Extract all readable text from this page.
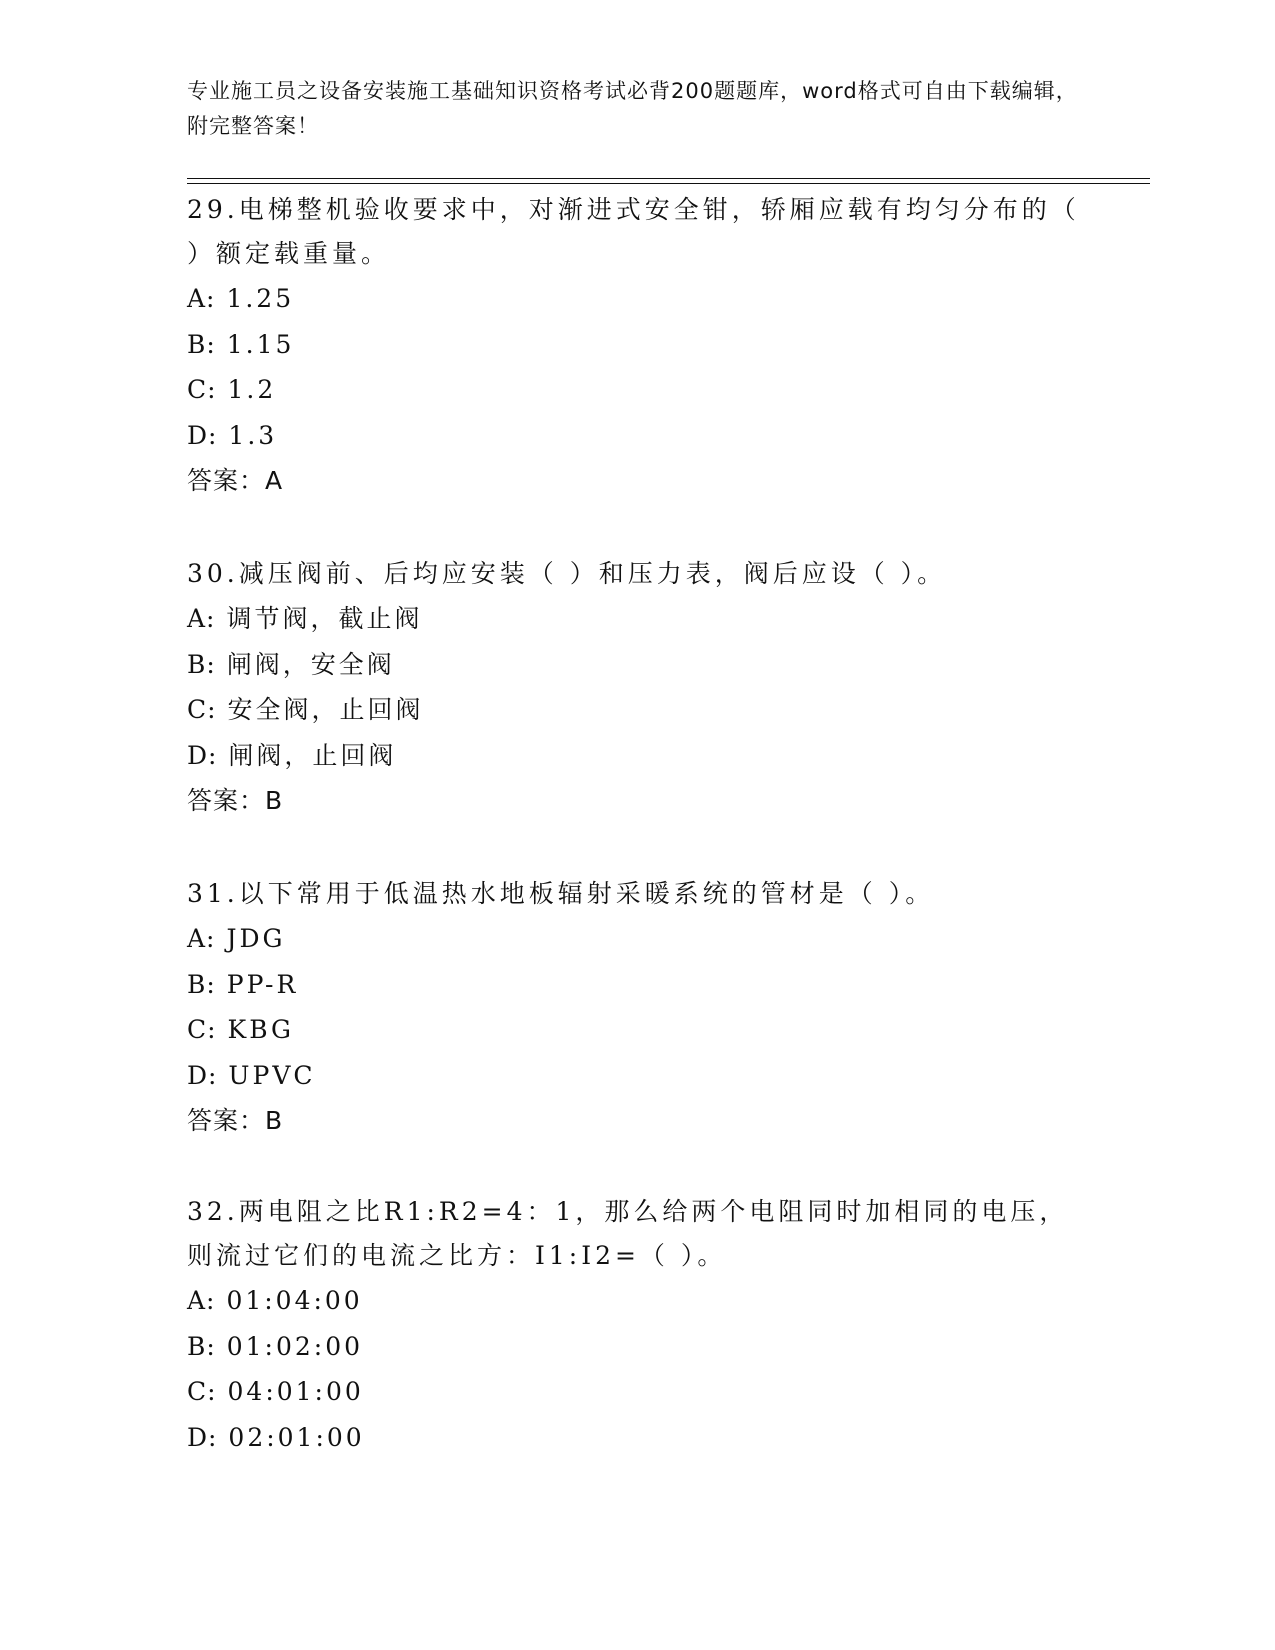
专业施工员之设备安装施工基础知识资格考试必背200题题库，word格式可自由下载编辑，附完整答案！

29.电梯整机验收要求中，对渐进式安全钳，轿厢应载有均匀分布的（ ）额定载重量。

A: 1.25

B: 1.15

C: 1.2

D: 1.3

答案：A

30.减压阀前、后均应安装（ ）和压力表，阀后应设（ ）。

A: 调节阀，截止阀

B: 闸阀，安全阀

C: 安全阀，止回阀

D: 闸阀，止回阀

答案：B

31.以下常用于低温热水地板辐射采暖系统的管材是（ ）。

A: JDG

B: PP-R

C: KBG

D: UPVC

答案：B

32.两电阻之比R1:R2=4：1，那么给两个电阻同时加相同的电压，则流过它们的电流之比方：I1:I2=（ ）。

A: 01:04:00

B: 01:02:00

C: 04:01:00

D: 02:01:00
